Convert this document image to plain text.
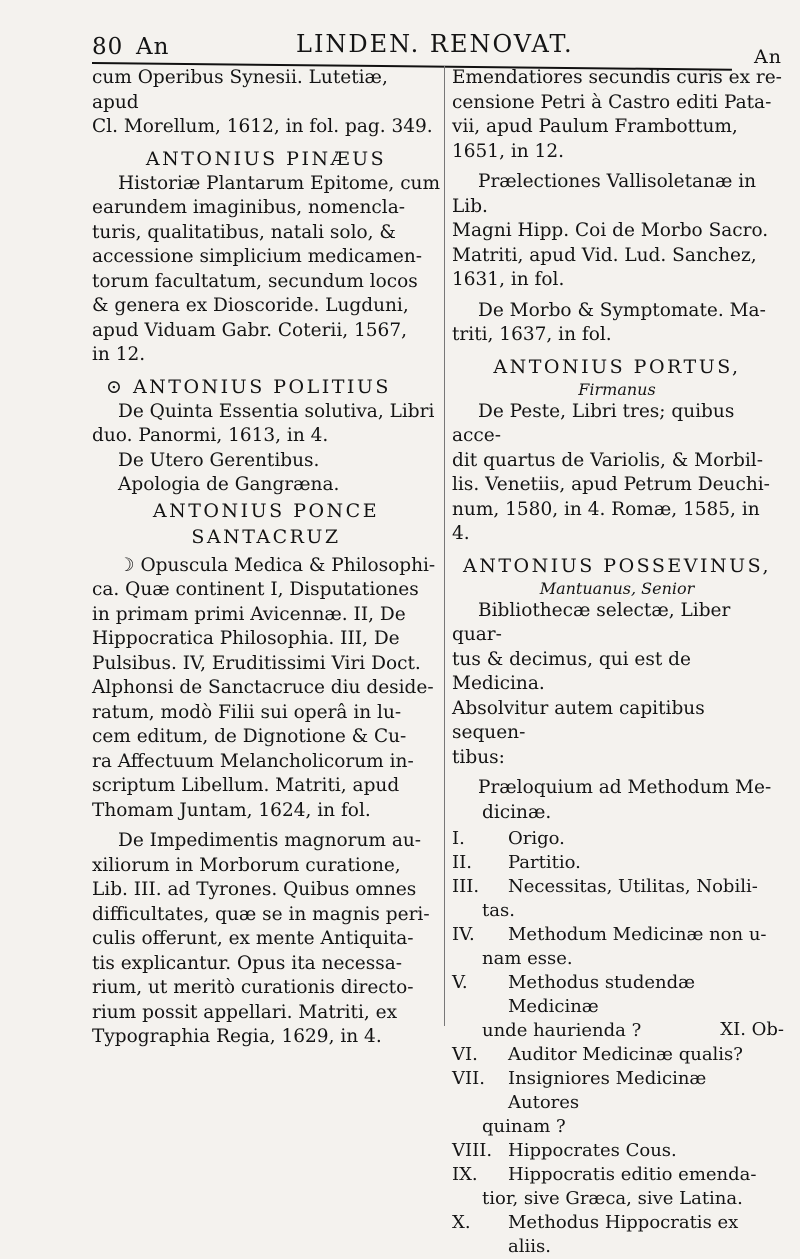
80 An	LINDEN. RENOVAT.	An
cum Operibus Synesii. Lutetiæ, apud
Cl. Morellum, 1612, in fol. pag. 349.
ANTONIUS PINÆUS
Historiæ Plantarum Epitome, cum
earundem imaginibus, nomencla-
turis, qualitatibus, natali solo, &
accessione simplicium medicamen-
torum facultatum, secundum locos
& genera ex Dioscoride. Lugduni,
apud Viduam Gabr. Coterii, 1567,
in 12.
⊙ ANTONIUS POLITIUS
De Quinta Essentia solutiva, Libri
duo. Panormi, 1613, in 4.
De Utero Gerentibus.
Apologia de Gangræna.
ANTONIUS PONCE
SANTACRUZ
☽ Opuscula Medica & Philosophi-
ca. Quæ continent I, Disputationes
in primam primi Avicennæ. II, De
Hippocratica Philosophia. III, De
Pulsibus. IV, Eruditissimi Viri Doct.
Alphonsi de Sanctacruce diu deside-
ratum, modò Filii sui operâ in lu-
cem editum, de Dignotione & Cu-
ra Affectuum Melancholicorum in-
scriptum Libellum. Matriti, apud
Thomam Juntam, 1624, in fol.
De Impedimentis magnorum au-
xiliorum in Morborum curatione,
Lib. III. ad Tyrones. Quibus omnes
difficultates, quæ se in magnis peri-
culis offerunt, ex mente Antiquita-
tis explicantur. Opus ita necessa-
rium, ut meritò curationis directo-
rium possit appellari. Matriti, ex
Typographia Regia, 1629, in 4.
Emendatiores secundis curis ex re-
censione Petri à Castro editi Pata-
vii, apud Paulum Frambottum,
1651, in 12.
Prælectiones Vallisoletanæ in Lib.
Magni Hipp. Coi de Morbo Sacro.
Matriti, apud Vid. Lud. Sanchez,
1631, in fol.
De Morbo & Symptomate. Ma-
triti, 1637, in fol.
ANTONIUS PORTUS,
Firmanus
De Peste, Libri tres; quibus acce-
dit quartus de Variolis, & Morbil-
lis. Venetiis, apud Petrum Deuchi-
num, 1580, in 4. Romæ, 1585, in 4.
ANTONIUS POSSEVINUS,
Mantuanus, Senior
Bibliothecæ selectæ, Liber quar-
tus & decimus, qui est de Medicina.
Absolvitur autem capitibus sequen-
tibus:
Præloquium ad Methodum Me-
dicinæ.
I.	Origo.
II.	Partitio.
III.	Necessitas, Utilitas, Nobili-
tas.
IV.	Methodum Medicinæ non u-
nam esse.
V.	Methodus studendæ Medicinæ
unde haurienda ?
VI.	Auditor Medicinæ qualis?
VII.	Insigniores Medicinæ Autores
quinam ?
VIII. Hippocrates Cous.
IX.	Hippocratis editio emenda-
tior, sive Græca, sive Latina.
X.	Methodus Hippocratis ex aliis.
XI. Ob-
